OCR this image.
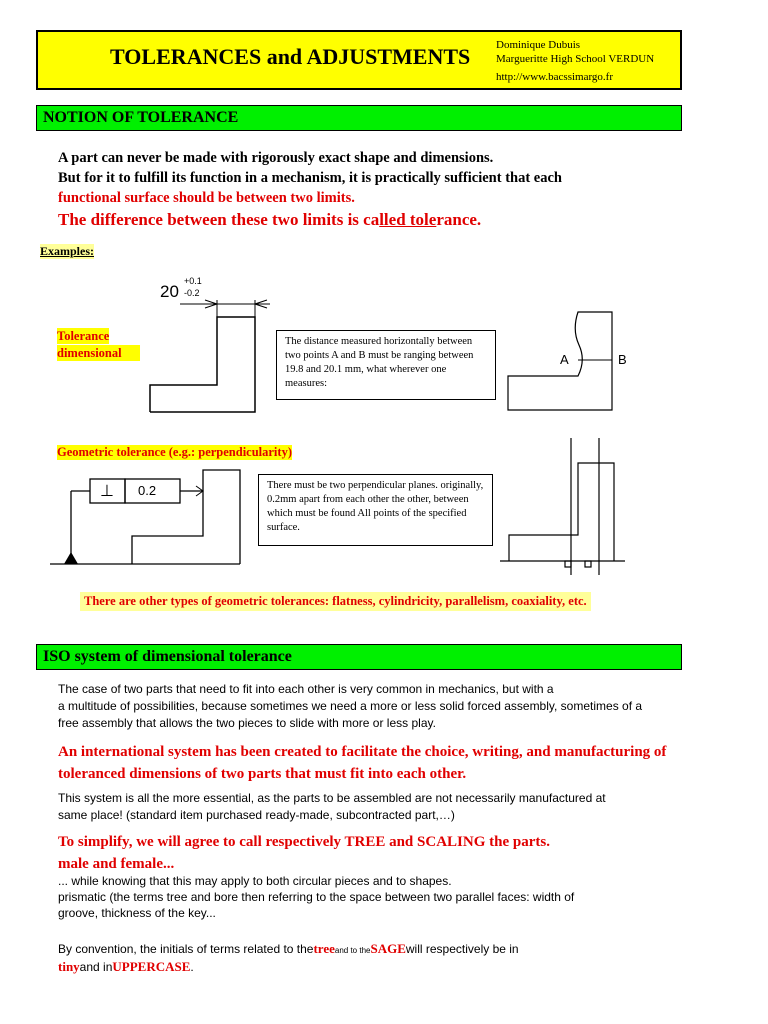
TOLERANCES and ADJUSTMENTS Dominique Dubuis
Margueritte High School VERDUN
http://www.bacssimargo.fr
NOTION OF TOLERANCE
A part can never be made with rigorously exact shape and dimensions.
But for it to fulfill its function in a mechanism, it is practically sufficient that each
functional surface should be between two limits.
The difference between these two limits is called tolerance.
Examples:
Tolerance
dimensional
20
+0.1
-0.2
A	B
The distance measured horizontally between two points A and B must be ranging between 19.8 and 20.1 mm, what wherever one measures:
Geometric tolerance (e.g.: perpendicularity)
⊥ 0.2	There must be two perpendicular planes. originally, 0.2mm apart from each other the other, between which must be found All points of the specified surface.
There are other types of geometric tolerances: flatness, cylindricity, parallelism, coaxiality, etc.
ISO system of dimensional tolerance
The case of two parts that need to fit into each other is very common in mechanics, but with a
a multitude of possibilities, because sometimes we need a more or less solid forced assembly, sometimes of a
free assembly that allows the two pieces to slide with more or less play.
An international system has been created to facilitate the choice, writing, and manufacturing of
toleranced dimensions of two parts that must fit into each other.
This system is all the more essential, as the parts to be assembled are not necessarily manufactured at
same place! (standard item purchased ready-made, subcontracted part,…)
To simplify, we will agree to call respectively TREE and SCALING the parts.
male and female...
... while knowing that this may apply to both circular pieces and to shapes.
prismatic (the terms tree and bore then referring to the space between two parallel faces: width of
groove, thickness of the key...
By convention, the initials of terms related to thetreeand to theSAGEwill respectively be in
tinyand inUPPERCASE.
